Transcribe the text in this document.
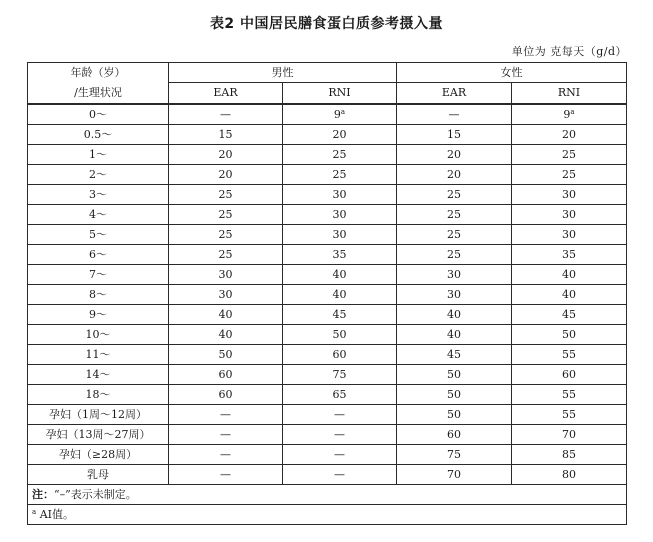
表2 中国居民膳食蛋白质参考摄入量
单位为 克每天（g/d）
年龄（岁）
/生理状况	男性		女性	
	EAR	RNI	EAR	RNI
0～	—	9$^a$	—	9$^a$
0.5～	15	20	15	20
1～	20	25	20	25
2～	20	25	20	25
3～	25	30	25	30
4～	25	30	25	30
5～	25	30	25	30
6～	25	35	25	35
7～	30	40	30	40
8～	30	40	30	40
9～	40	45	40	45
10～	40	50	40	50
11～	50	60	45	55
14～	60	75	50	60
18～	60	65	50	55
孕妇（1周～12周）	—	—	50	55
孕妇（13周～27周）	—	—	60	70
孕妇（≥28周）	—	—	75	85
乳母	—	—	70	80
注：“–”表示未制定。				
$^a$ AI值。				
